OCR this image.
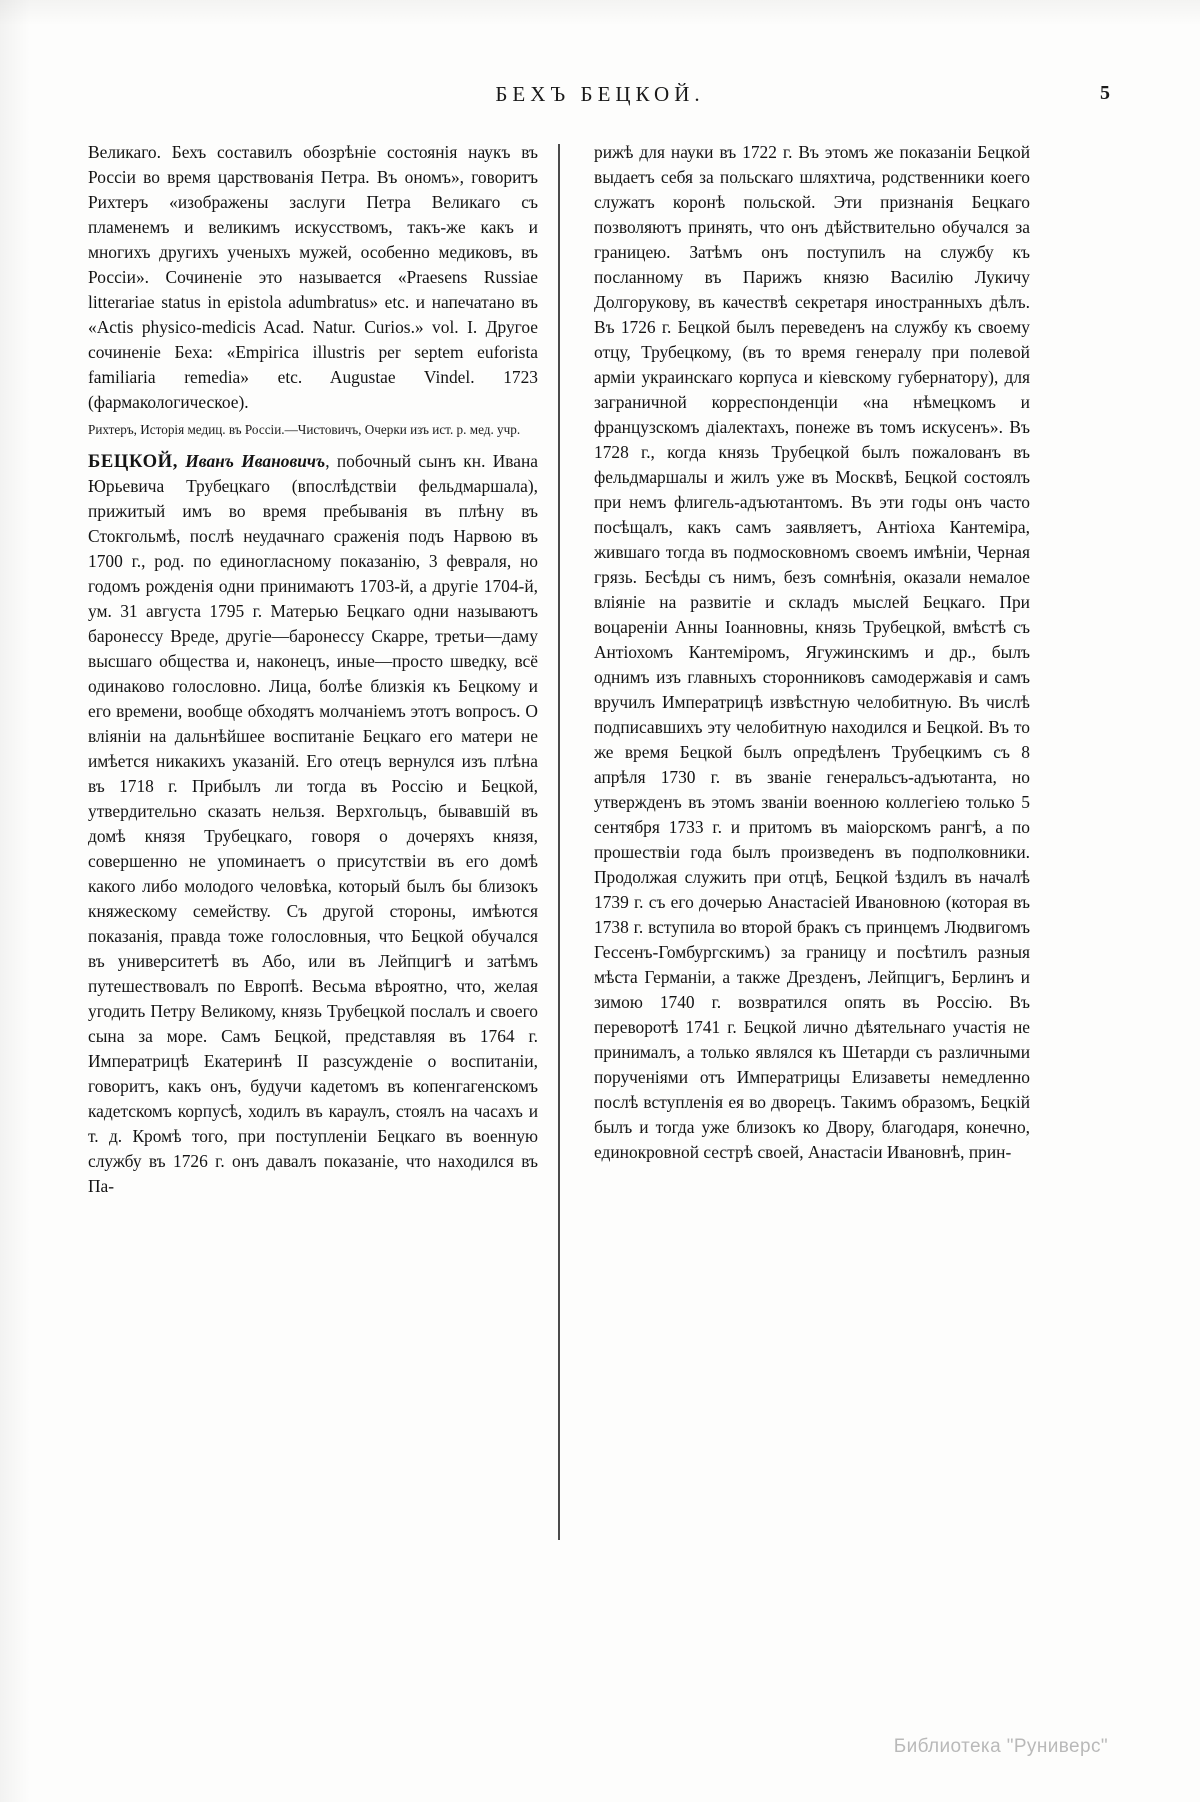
БЕХЪ БЕЦКОЙ.	5

Великаго. Бехъ составилъ обозрѣніе состоянія наукъ въ Россіи во время царствованія Петра. Въ ономъ», говоритъ Рихтеръ «изображены заслуги Петра Великаго съ пламенемъ и великимъ искусствомъ, такъ-же какъ и многихъ другихъ ученыхъ мужей, особенно медиковъ, въ Россіи». Сочиненіе это называется «Praesens Russiae litterariae status in epistola adumbratus» etc. и напечатано въ «Actis physico-medicis Acad. Natur. Curios.» vol. I. Другое сочиненіе Беха: «Empirica illustris per septem euforista familiaria remedia» etc. Augustae Vindel. 1723 (фармакологическое).

Рихтеръ, Исторія медиц. въ Россіи.—Чистовичъ, Очерки изъ ист. р. мед. учр.

БЕЦКОЙ, Иванъ Ивановичъ, побочный сынъ кн. Ивана Юрьевича Трубецкаго (впослѣдствіи фельдмаршала), прижитый имъ во время пребыванія въ плѣну въ Стокгольмѣ, послѣ неудачнаго сраженія подъ Нарвою въ 1700 г., род. по единогласному показанію, 3 февраля, но годомъ рожденія одни принимаютъ 1703-й, а другіе 1704-й, ум. 31 августа 1795 г. Матерью Бецкаго одни называютъ баронессу Вреде, другіе—баронессу Скарре, третьи—даму высшаго общества и, наконецъ, иные—просто шведку, всё одинаково голословно. Лица, болѣе близкія къ Бецкому и его времени, вообще обходятъ молчаніемъ этотъ вопросъ. О вліяніи на дальнѣйшее воспитаніе Бецкаго его матери не имѣется никакихъ указаній. Его отецъ вернулся изъ плѣна въ 1718 г. Прибылъ ли тогда въ Россію и Бецкой, утвердительно сказать нельзя. Верхгольцъ, бывавшій въ домѣ князя Трубецкаго, говоря о дочеряхъ князя, совершенно не упоминаетъ о присутствіи въ его домѣ какого либо молодого человѣка, который былъ бы близокъ княжескому семейству. Съ другой стороны, имѣются показанія, правда тоже голословныя, что Бецкой обучался въ университетѣ въ Або, или въ Лейпцигѣ и затѣмъ путешествовалъ по Европѣ. Весьма вѣроятно, что, желая угодить Петру Великому, князь Трубецкой послалъ и своего сына за море. Самъ Бецкой, представляя въ 1764 г. Императрицѣ Екатеринѣ II разсужденіе о воспитаніи, говоритъ, какъ онъ, будучи кадетомъ въ копенгагенскомъ кадетскомъ корпусѣ, ходилъ въ караулъ, стоялъ на часахъ и т. д. Кромѣ того, при поступленіи Бецкаго въ военную службу въ 1726 г. онъ давалъ показаніе, что находился въ Па-

рижѣ для науки въ 1722 г. Въ этомъ же показаніи Бецкой выдаетъ себя за польскаго шляхтича, родственники коего служатъ коронѣ польской. Эти признанія Бецкаго позволяютъ принять, что онъ дѣйствительно обучался за границею. Затѣмъ онъ поступилъ на службу къ посланному въ Парижъ князю Василію Лукичу Долгорукову, въ качествѣ секретаря иностранныхъ дѣлъ. Въ 1726 г. Бецкой былъ переведенъ на службу къ своему отцу, Трубецкому, (въ то время генералу при полевой арміи украинскаго корпуса и кіевскому губернатору), для заграничной корреспонденціи «на нѣмецкомъ и французскомъ діалектахъ, понеже въ томъ искусенъ». Въ 1728 г., когда князь Трубецкой былъ пожалованъ въ фельдмаршалы и жилъ уже въ Москвѣ, Бецкой состоялъ при немъ флигель-адъютантомъ. Въ эти годы онъ часто посѣщалъ, какъ самъ заявляетъ, Антіоха Кантеміра, жившаго тогда въ подмосковномъ своемъ имѣніи, Черная грязь. Бесѣды съ нимъ, безъ сомнѣнія, оказали немалое вліяніе на развитіе и складъ мыслей Бецкаго. При воцареніи Анны Іоанновны, князь Трубецкой, вмѣстѣ съ Антіохомъ Кантеміромъ, Ягужинскимъ и др., былъ однимъ изъ главныхъ сторонниковъ самодержавія и самъ вручилъ Императрицѣ извѣстную челобитную. Въ числѣ подписавшихъ эту челобитную находился и Бецкой. Въ то же время Бецкой былъ опредѣленъ Трубецкимъ съ 8 апрѣля 1730 г. въ званіе генеральсъ-адъютанта, но утвержденъ въ этомъ званіи военною коллегіею только 5 сентября 1733 г. и притомъ въ маіорскомъ рангѣ, а по прошествіи года былъ произведенъ въ подполковники. Продолжая служить при отцѣ, Бецкой ѣздилъ въ началѣ 1739 г. съ его дочерью Анастасіей Ивановною (которая въ 1738 г. вступила во второй бракъ съ принцемъ Людвигомъ Гессенъ-Гомбургскимъ) за границу и посѣтилъ разныя мѣста Германіи, а также Дрезденъ, Лейпцигъ, Берлинъ и зимою 1740 г. возвратился опять въ Россію. Въ переворотѣ 1741 г. Бецкой лично дѣятельнаго участія не принималъ, а только являлся къ Шетарди съ различными порученіями отъ Императрицы Елизаветы немедленно послѣ вступленія ея во дворецъ. Такимъ образомъ, Бецкій былъ и тогда уже близокъ ко Двору, благодаря, конечно, единокровной сестрѣ своей, Анастасіи Ивановнѣ, прин-

Библиотека "Руниверс"
